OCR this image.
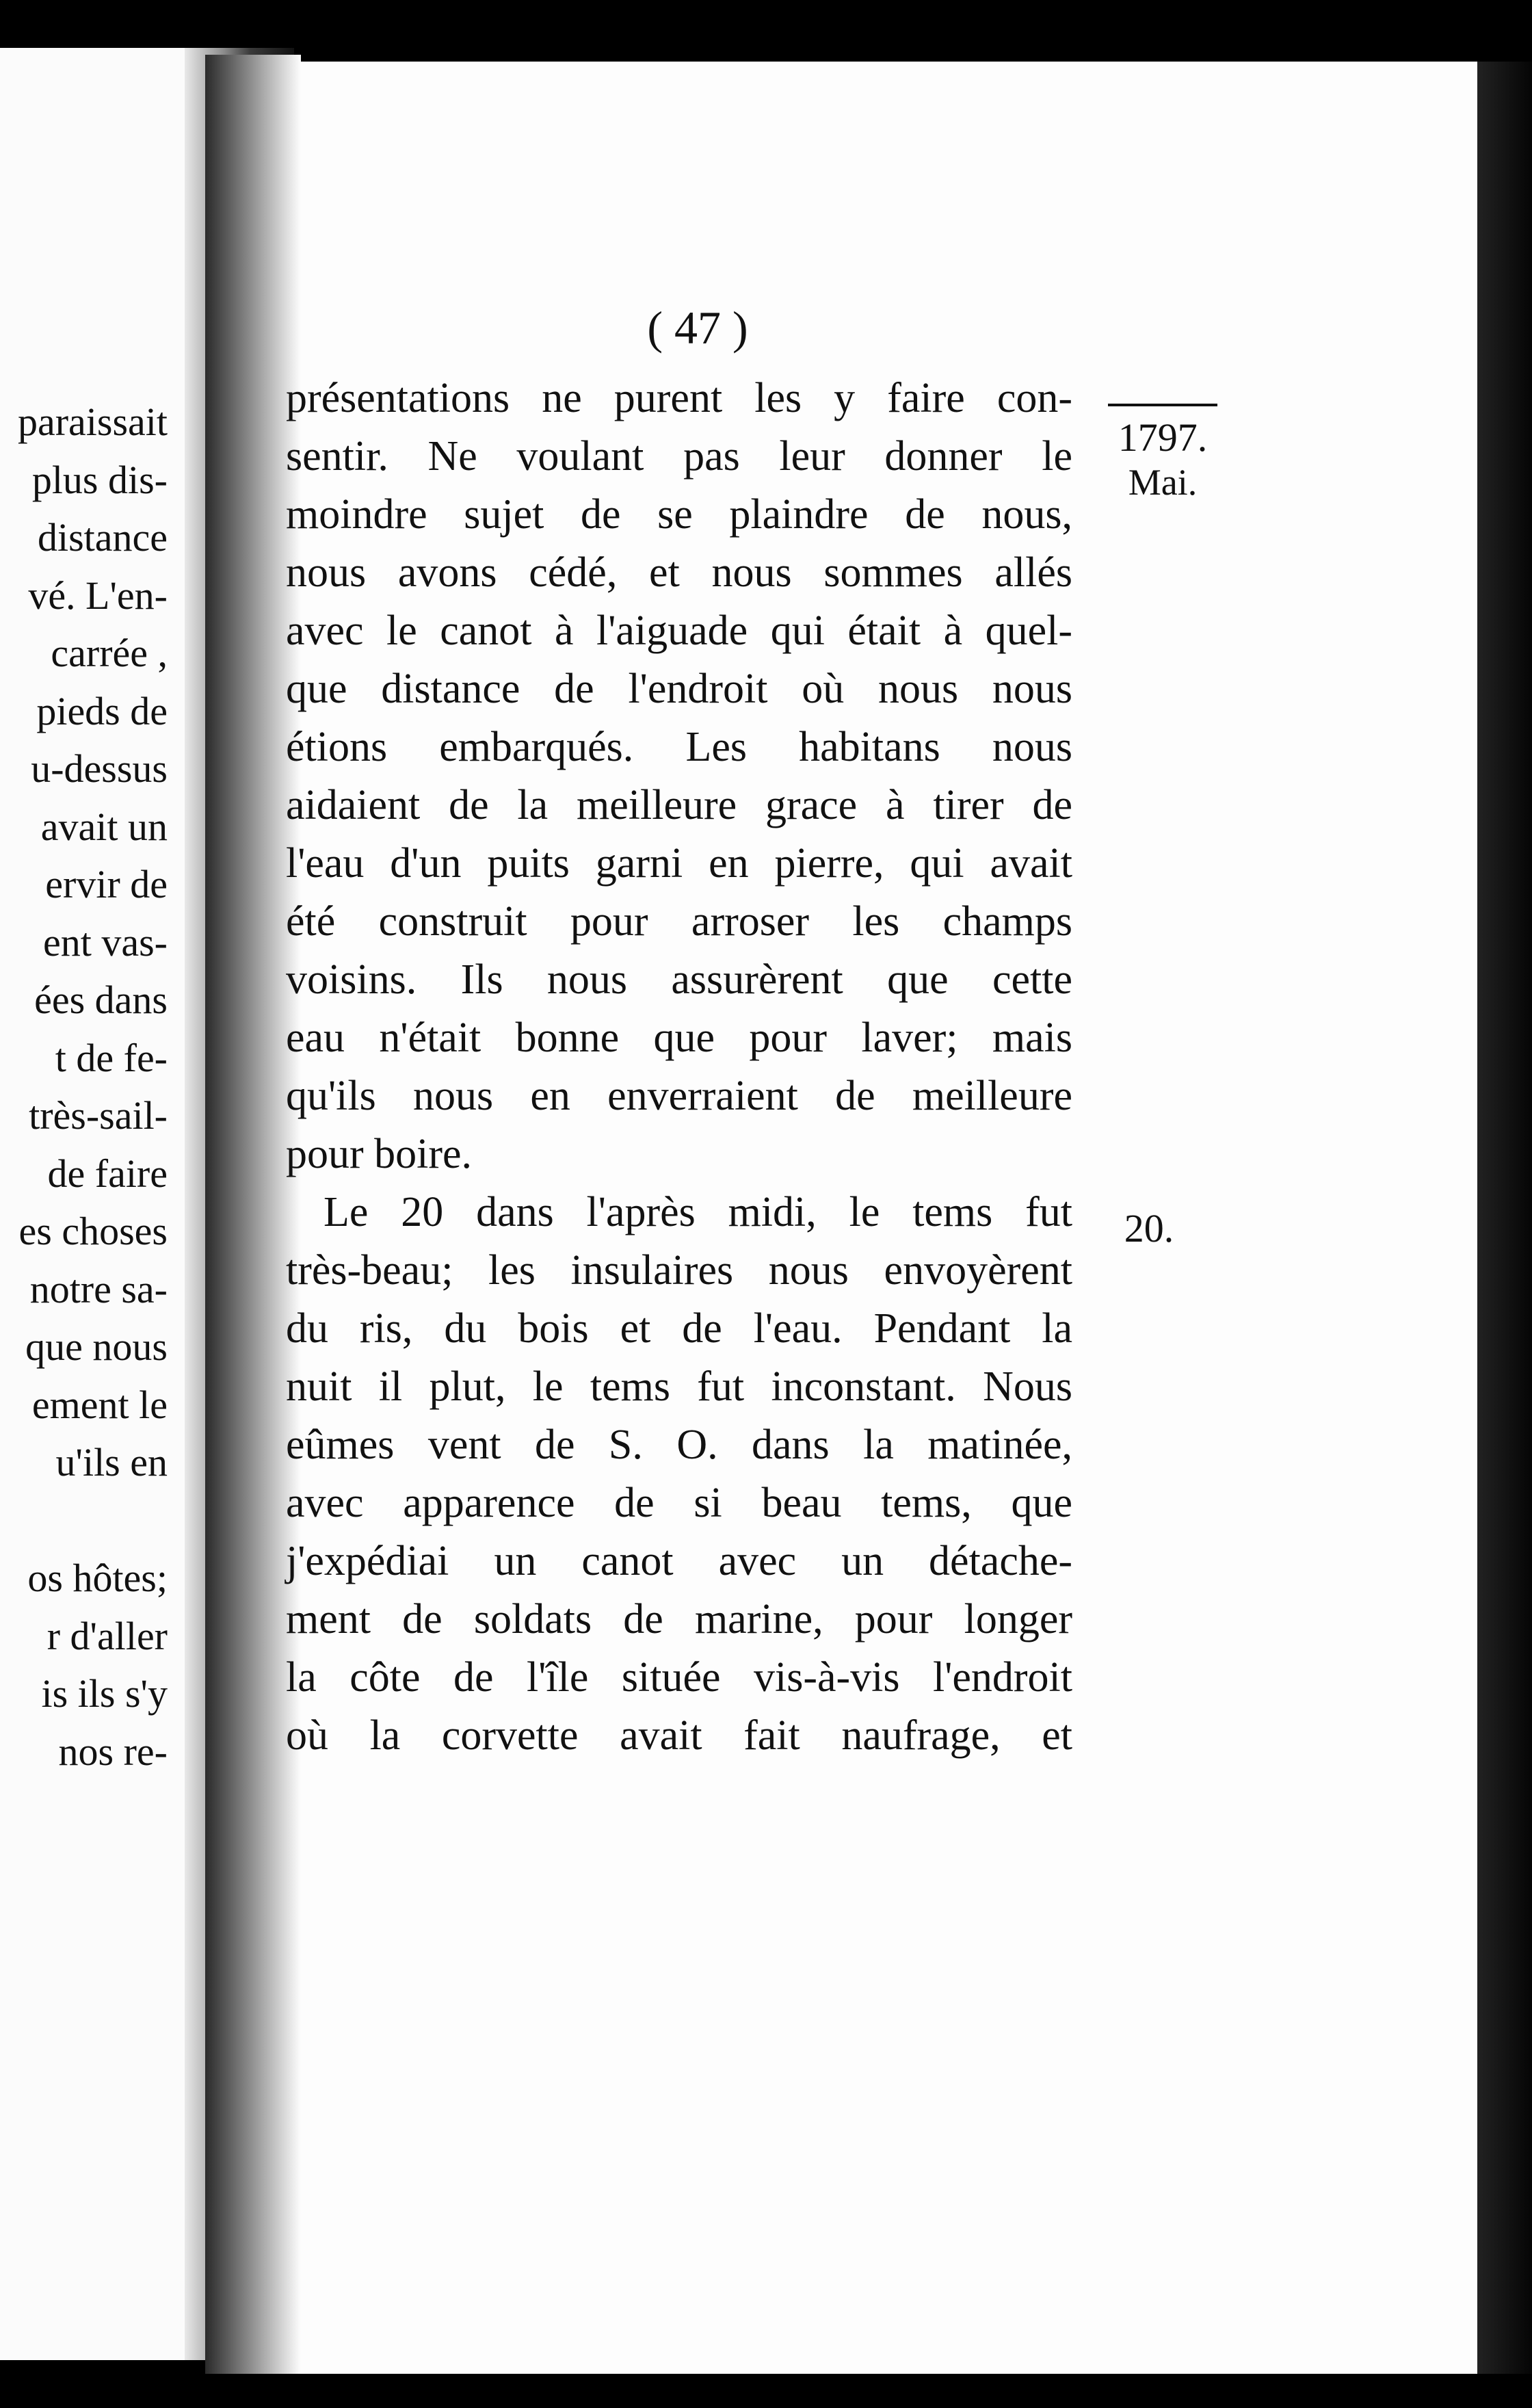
paraissait
plus dis-
distance
vé. L'en-
carrée ,
pieds de
u-dessus
avait un
ervir de
ent vas-
ées dans
t de fe-
très-sail-
de faire
es choses
notre sa-
que nous
ement le
u'ils en
os hôtes;
r d'aller
is ils s'y
nos re-
( 47 )
présentations ne purent les y faire con-
sentir. Ne voulant pas leur donner le
moindre sujet de se plaindre de nous,
nous avons cédé, et nous sommes allés
avec le canot à l'aiguade qui était à quel-
que distance de l'endroit où nous nous
étions embarqués. Les habitans nous
aidaient de la meilleure grace à tirer de
l'eau d'un puits garni en pierre, qui avait
été construit pour arroser les champs
voisins. Ils nous assurèrent que cette
eau n'était bonne que pour laver; mais
qu'ils nous en enverraient de meilleure
pour boire.
Le 20 dans l'après midi, le tems fut
très-beau; les insulaires nous envoyèrent
du ris, du bois et de l'eau. Pendant la
nuit il plut, le tems fut inconstant. Nous
eûmes vent de S. O. dans la matinée,
avec apparence de si beau tems, que
j'expédiai un canot avec un détache-
ment de soldats de marine, pour longer
la côte de l'île située vis-à-vis l'endroit
où la corvette avait fait naufrage, et
1797.
Mai.
20.
